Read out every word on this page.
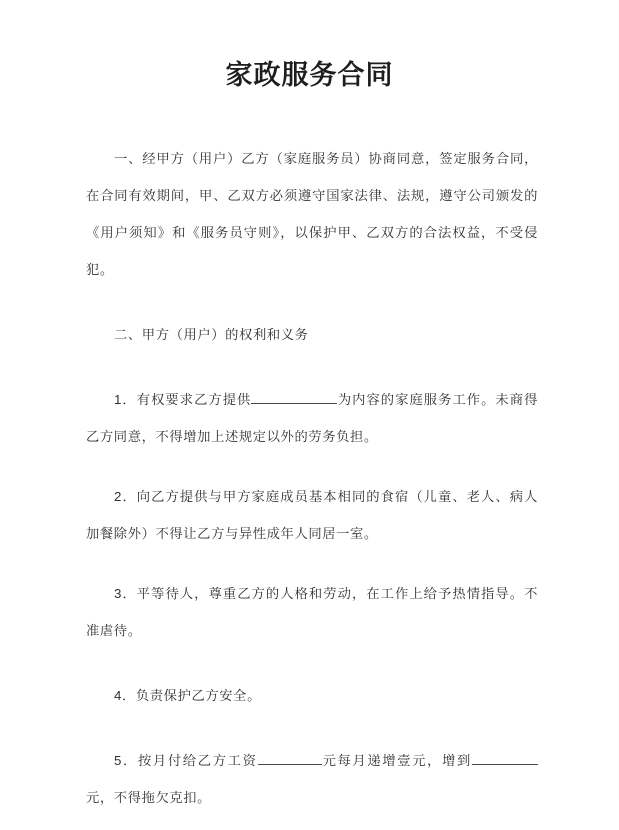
家政服务合同

一、经甲方（用户）乙方（家庭服务员）协商同意，签定服务合同，在合同有效期间，甲、乙双方必须遵守国家法律、法规，遵守公司颁发的《用户须知》和《服务员守则》，以保护甲、乙双方的合法权益，不受侵犯。

二、甲方（用户）的权利和义务

1．有权要求乙方提供	为内容的家庭服务工作。未商得乙方同意，不得增加上述规定以外的劳务负担。

2．向乙方提供与甲方家庭成员基本相同的食宿（儿童、老人、病人加餐除外）不得让乙方与异性成年人同居一室。

3．平等待人，尊重乙方的人格和劳动，在工作上给予热情指导。不准虐待。

4．负责保护乙方安全。

5．按月付给乙方工资	元每月递增壹元，增到元，不得拖欠克扣。
